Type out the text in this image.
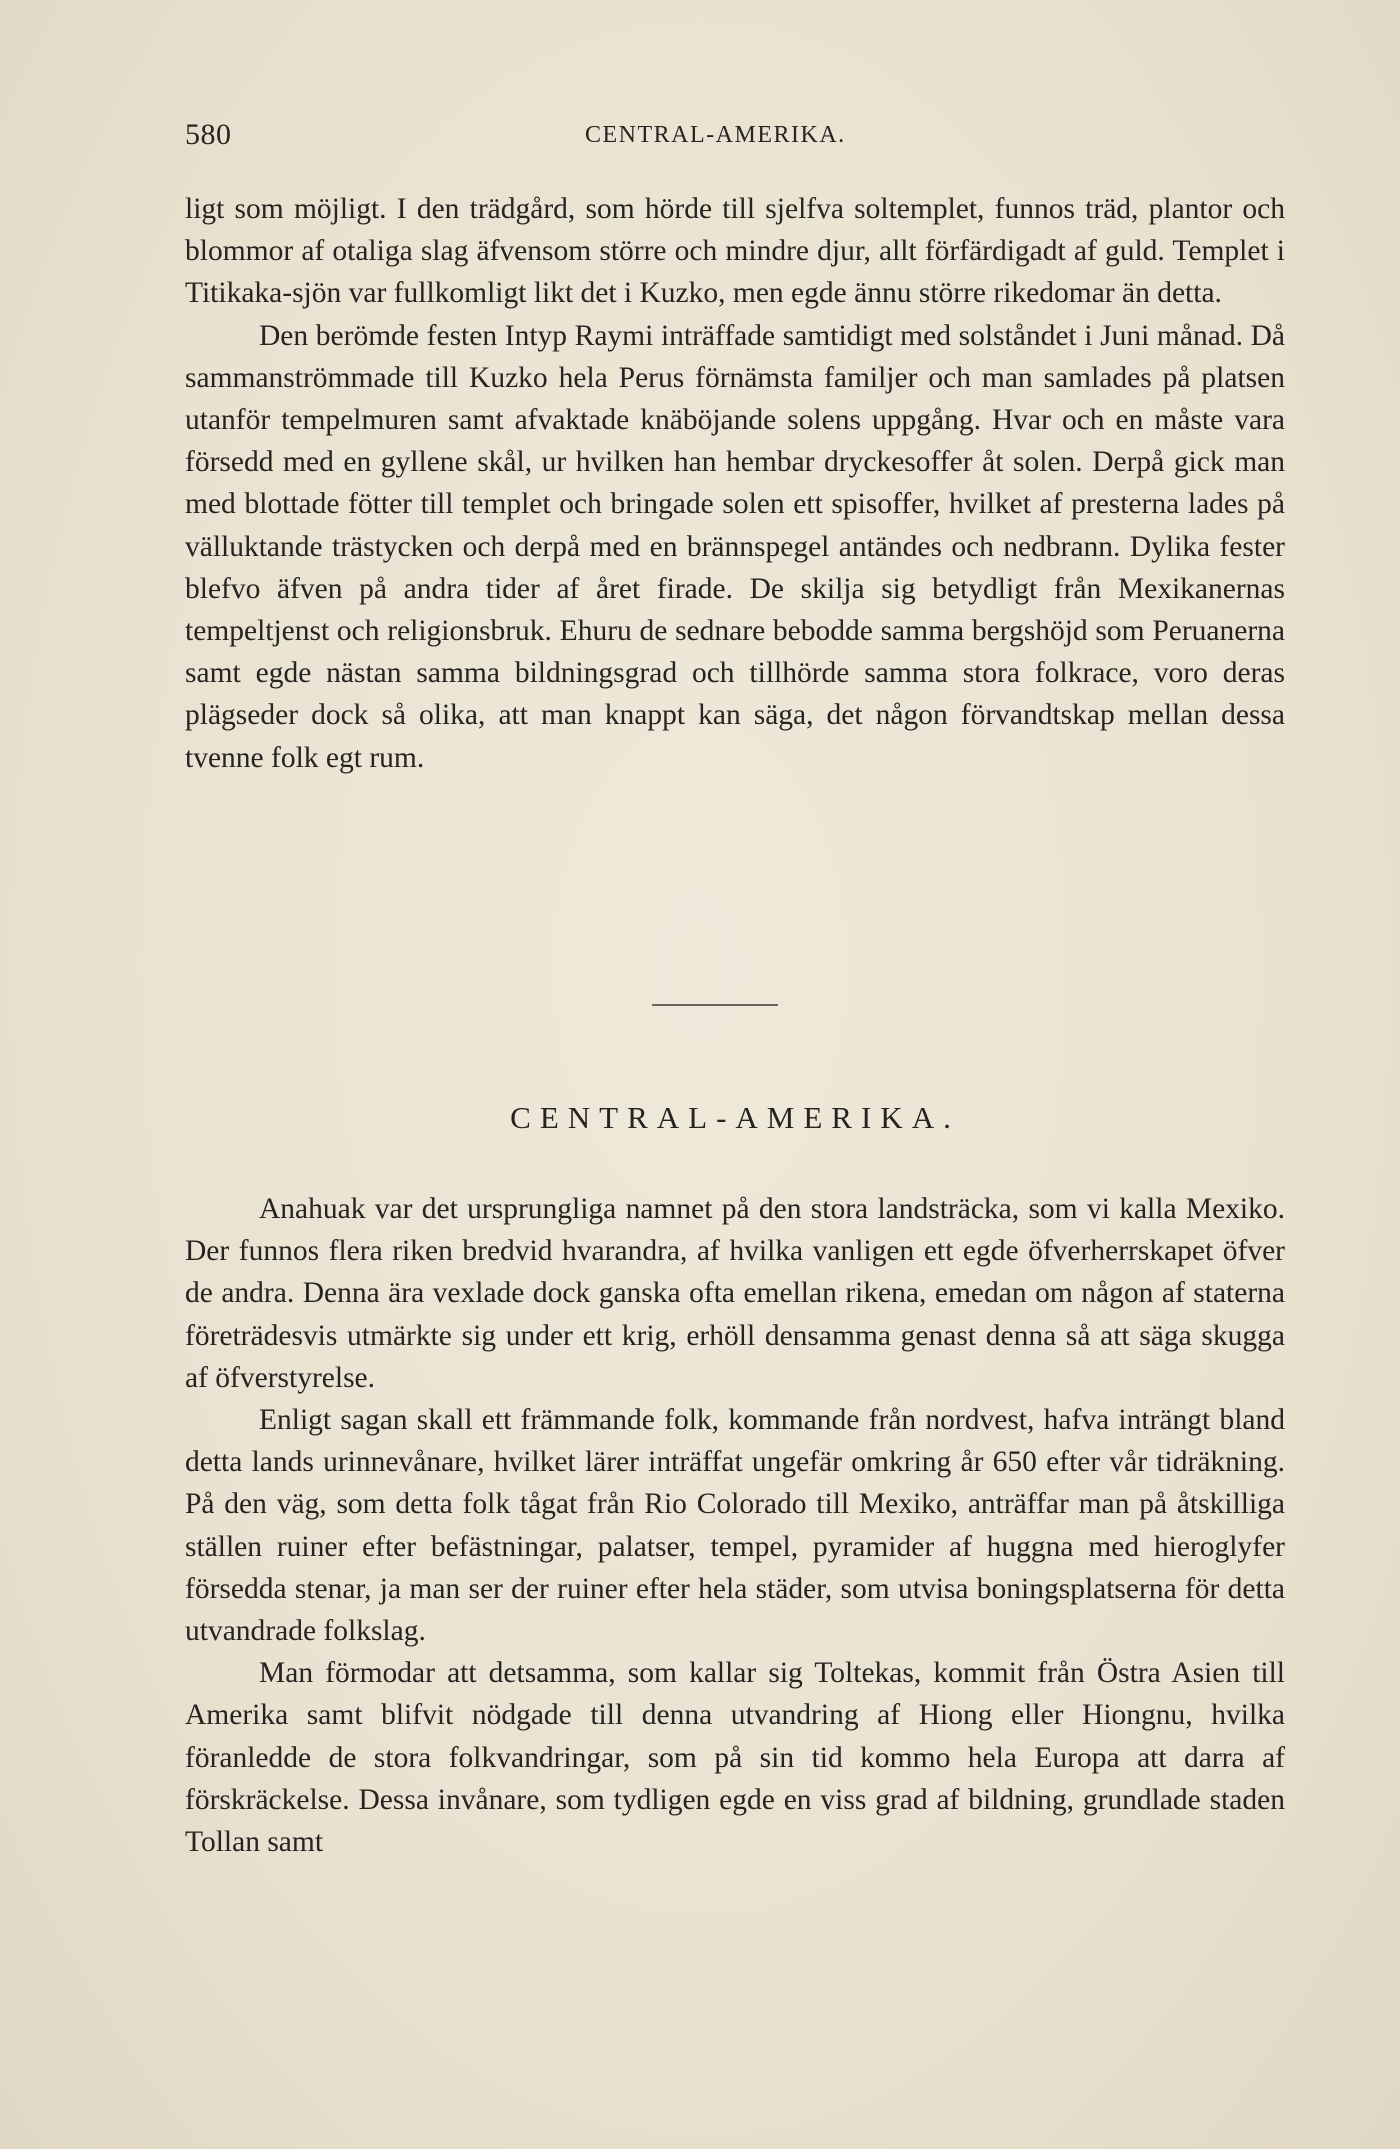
580	CENTRAL-AMERIKA.

ligt som möjligt. I den trädgård, som hörde till sjelfva soltemplet, funnos träd, plantor och blommor af otaliga slag äfvensom större och mindre djur, allt förfärdigadt af guld. Templet i Titikaka-sjön var fullkomligt likt det i Kuzko, men egde ännu större rikedomar än detta.

Den berömde festen Intyp Raymi inträffade samtidigt med solståndet i Juni månad. Då sammanströmmade till Kuzko hela Perus förnämsta familjer och man samlades på platsen utanför tempelmuren samt afvaktade knäböjande solens uppgång. Hvar och en måste vara försedd med en gyllene skål, ur hvilken han hembar dryckesoffer åt solen. Derpå gick man med blottade fötter till templet och bringade solen ett spisoffer, hvilket af presterna lades på välluktande trästycken och derpå med en brännspegel antändes och nedbrann. Dylika fester blefvo äfven på andra tider af året firade. De skilja sig betydligt från Mexikanernas tempeltjenst och religionsbruk. Ehuru de sednare bebodde samma bergshöjd som Peruanerna samt egde nästan samma bildningsgrad och tillhörde samma stora folkrace, voro deras plägseder dock så olika, att man knappt kan säga, det någon förvandtskap mellan dessa tvenne folk egt rum.

CENTRAL-AMERIKA.

Anahuak var det ursprungliga namnet på den stora landsträcka, som vi kalla Mexiko. Der funnos flera riken bredvid hvarandra, af hvilka vanligen ett egde öfverherrskapet öfver de andra. Denna ära vexlade dock ganska ofta emellan rikena, emedan om någon af staterna företrädesvis utmärkte sig under ett krig, erhöll densamma genast denna så att säga skugga af öfverstyrelse.

Enligt sagan skall ett främmande folk, kommande från nordvest, hafva inträngt bland detta lands urinnevånare, hvilket lärer inträffat ungefär omkring år 650 efter vår tidräkning. På den väg, som detta folk tågat från Rio Colorado till Mexiko, anträffar man på åtskilliga ställen ruiner efter befästningar, palatser, tempel, pyramider af huggna med hieroglyfer försedda stenar, ja man ser der ruiner efter hela städer, som utvisa boningsplatserna för detta utvandrade folkslag.

Man förmodar att detsamma, som kallar sig Toltekas, kommit från Östra Asien till Amerika samt blifvit nödgade till denna utvandring af Hiong eller Hiongnu, hvilka föranledde de stora folkvandringar, som på sin tid kommo hela Europa att darra af förskräckelse. Dessa invånare, som tydligen egde en viss grad af bildning, grundlade staden Tollan samt
